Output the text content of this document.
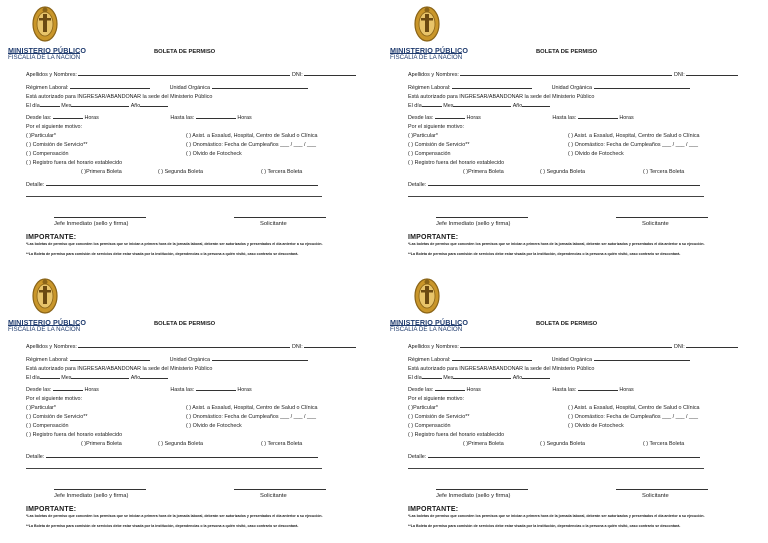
MINISTERIO PÚBLICO
FISCALÍA DE LA NACIÓN
BOLETA DE PERMISO
Apellidos y Nombres:	DNI:
Régimen Laboral:	Unidad Orgánica
Está autorizado para INGRESAR/ABANDONAR la sede del Ministerio Público
El día	Mes	Año
Desde las:	Horas	Hasta las:	Horas
Por el siguiente motivo:
( )Particular*	( ) Asist. a Essalud, Hospital, Centro de Salud o Clínica
( ) Comisión de Servicio**	( ) Onomástico: Fecha de Cumpleaños ___ / ___ / ___
( ) Compensación	( ) Olvido de Fotocheck
( ) Registro fuera del horario establecido
( )Primera Boleta	( ) Segunda Boleta	( ) Tercera Boleta
Detalle:
Jefe Inmediato (sello y firma)	Solicitante
IMPORTANTE:
*Las boletas de permiso que conceden los permisos que se inician a primera hora de la jornada laboral, deberán ser autorizados y presentados el día anterior a su ejecución.
**La Boleta de permiso para comisión de servicios debe estar visada por la institución, dependencias o la persona a quién visitó, caso contrario se descontará.
MINISTERIO PÚBLICO
FISCALÍA DE LA NACIÓN
BOLETA DE PERMISO
Apellidos y Nombres:	DNI:
Régimen Laboral:	Unidad Orgánica
Está autorizado para INGRESAR/ABANDONAR la sede del Ministerio Público
El día	Mes	Año
Desde las:	Horas	Hasta las:	Horas
Por el siguiente motivo:
( )Particular*	( ) Asist. a Essalud, Hospital, Centro de Salud o Clínica
( ) Comisión de Servicio**	( ) Onomástico: Fecha de Cumpleaños ___ / ___ / ___
( ) Compensación	( ) Olvido de Fotocheck
( ) Registro fuera del horario establecido
( )Primera Boleta	( ) Segunda Boleta	( ) Tercera Boleta
Detalle:
Jefe Inmediato (sello y firma)	Solicitante
IMPORTANTE:
*Las boletas de permiso que conceden los permisos que se inician a primera hora de la jornada laboral, deberán ser autorizados y presentados el día anterior a su ejecución.
**La Boleta de permiso para comisión de servicios debe estar visada por la institución, dependencias o la persona a quién visitó, caso contrario se descontará.
MINISTERIO PÚBLICO
FISCALÍA DE LA NACIÓN
BOLETA DE PERMISO
Apellidos y Nombres:	DNI:
Régimen Laboral:	Unidad Orgánica
Está autorizado para INGRESAR/ABANDONAR la sede del Ministerio Público
El día	Mes	Año
Desde las:	Horas	Hasta las:	Horas
Por el siguiente motivo:
( )Particular*	( ) Asist. a Essalud, Hospital, Centro de Salud o Clínica
( ) Comisión de Servicio**	( ) Onomástico: Fecha de Cumpleaños ___ / ___ / ___
( ) Compensación	( ) Olvido de Fotocheck
( ) Registro fuera del horario establecido
( )Primera Boleta	( ) Segunda Boleta	( ) Tercera Boleta
Detalle:
Jefe Inmediato (sello y firma)	Solicitante
IMPORTANTE:
*Las boletas de permiso que conceden los permisos que se inician a primera hora de la jornada laboral, deberán ser autorizados y presentados el día anterior a su ejecución.
**La Boleta de permiso para comisión de servicios debe estar visada por la institución, dependencias o la persona a quién visitó, caso contrario se descontará.
MINISTERIO PÚBLICO
FISCALÍA DE LA NACIÓN
BOLETA DE PERMISO
Apellidos y Nombres:	DNI:
Régimen Laboral:	Unidad Orgánica
Está autorizado para INGRESAR/ABANDONAR la sede del Ministerio Público
El día	Mes	Año
Desde las:	Horas	Hasta las:	Horas
Por el siguiente motivo:
( )Particular*	( ) Asist. a Essalud, Hospital, Centro de Salud o Clínica
( ) Comisión de Servicio**	( ) Onomástico: Fecha de Cumpleaños ___ / ___ / ___
( ) Compensación	( ) Olvido de Fotocheck
( ) Registro fuera del horario establecido
( )Primera Boleta	( ) Segunda Boleta	( ) Tercera Boleta
Detalle:
Jefe Inmediato (sello y firma)	Solicitante
IMPORTANTE:
*Las boletas de permiso que conceden los permisos que se inician a primera hora de la jornada laboral, deberán ser autorizados y presentados el día anterior a su ejecución.
**La Boleta de permiso para comisión de servicios debe estar visada por la institución, dependencias o la persona a quién visitó, caso contrario se descontará.
